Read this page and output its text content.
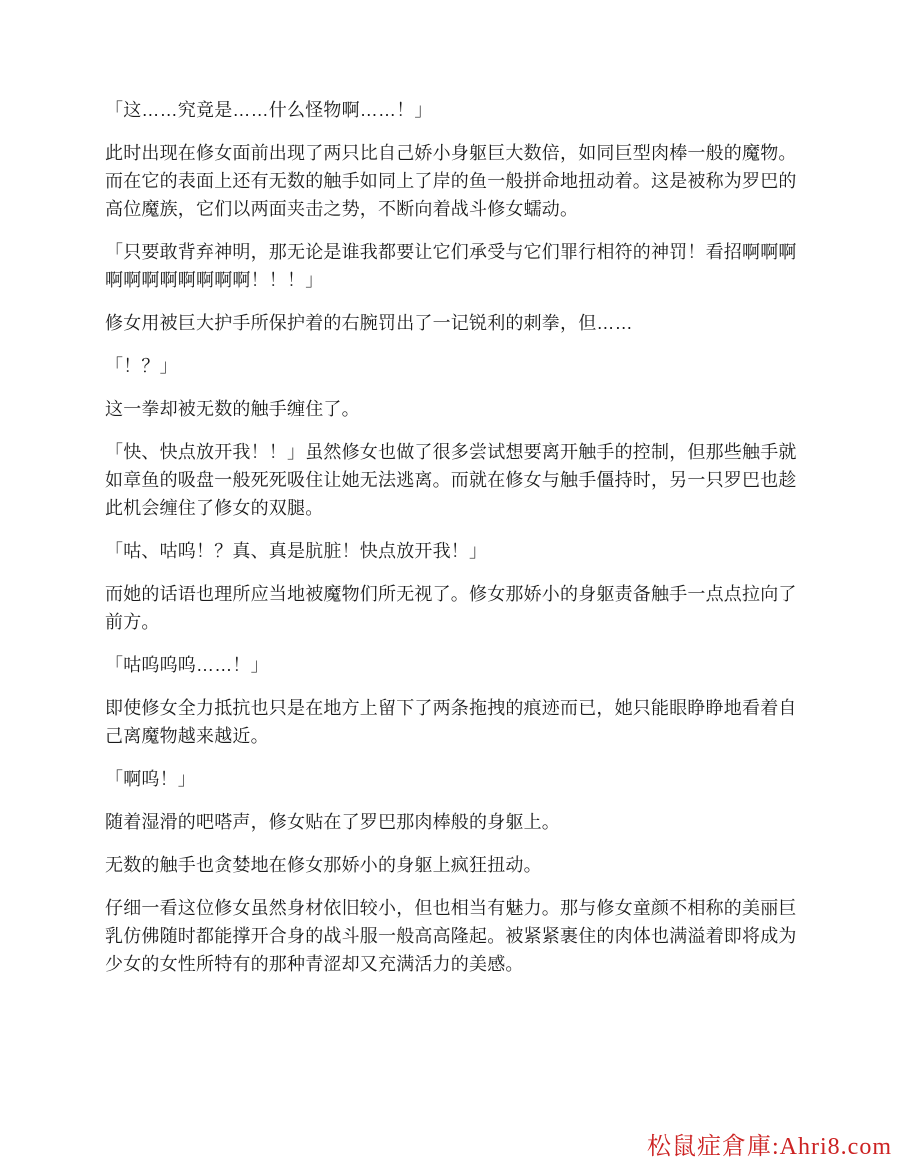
「这……究竟是……什么怪物啊……！」

此时出现在修女面前出现了两只比自己娇小身躯巨大数倍，如同巨型肉棒一般的魔物。而在它的表面上还有无数的触手如同上了岸的鱼一般拼命地扭动着。这是被称为罗巴的高位魔族，它们以两面夹击之势，不断向着战斗修女蠕动。

「只要敢背弃神明，那无论是谁我都要让它们承受与它们罪行相符的神罚！看招啊啊啊啊啊啊啊啊啊啊啊！！！」

修女用被巨大护手所保护着的右腕罚出了一记锐利的刺拳，但……

「！？」

这一拳却被无数的触手缠住了。

「快、快点放开我！！」虽然修女也做了很多尝试想要离开触手的控制，但那些触手就如章鱼的吸盘一般死死吸住让她无法逃离。而就在修女与触手僵持时，另一只罗巴也趁此机会缠住了修女的双腿。

「咕、咕呜！？真、真是肮脏！快点放开我！」

而她的话语也理所应当地被魔物们所无视了。修女那娇小的身躯责备触手一点点拉向了前方。

「咕呜呜呜……！」

即使修女全力抵抗也只是在地方上留下了两条拖拽的痕迹而已，她只能眼睁睁地看着自己离魔物越来越近。

「啊呜！」

随着湿滑的吧嗒声，修女贴在了罗巴那肉棒般的身躯上。

无数的触手也贪婪地在修女那娇小的身躯上疯狂扭动。

仔细一看这位修女虽然身材依旧较小，但也相当有魅力。那与修女童颜不相称的美丽巨乳仿佛随时都能撑开合身的战斗服一般高高隆起。被紧紧裹住的肉体也满溢着即将成为少女的女性所特有的那种青涩却又充满活力的美感。

松鼠症倉庫:Ahri8.com
